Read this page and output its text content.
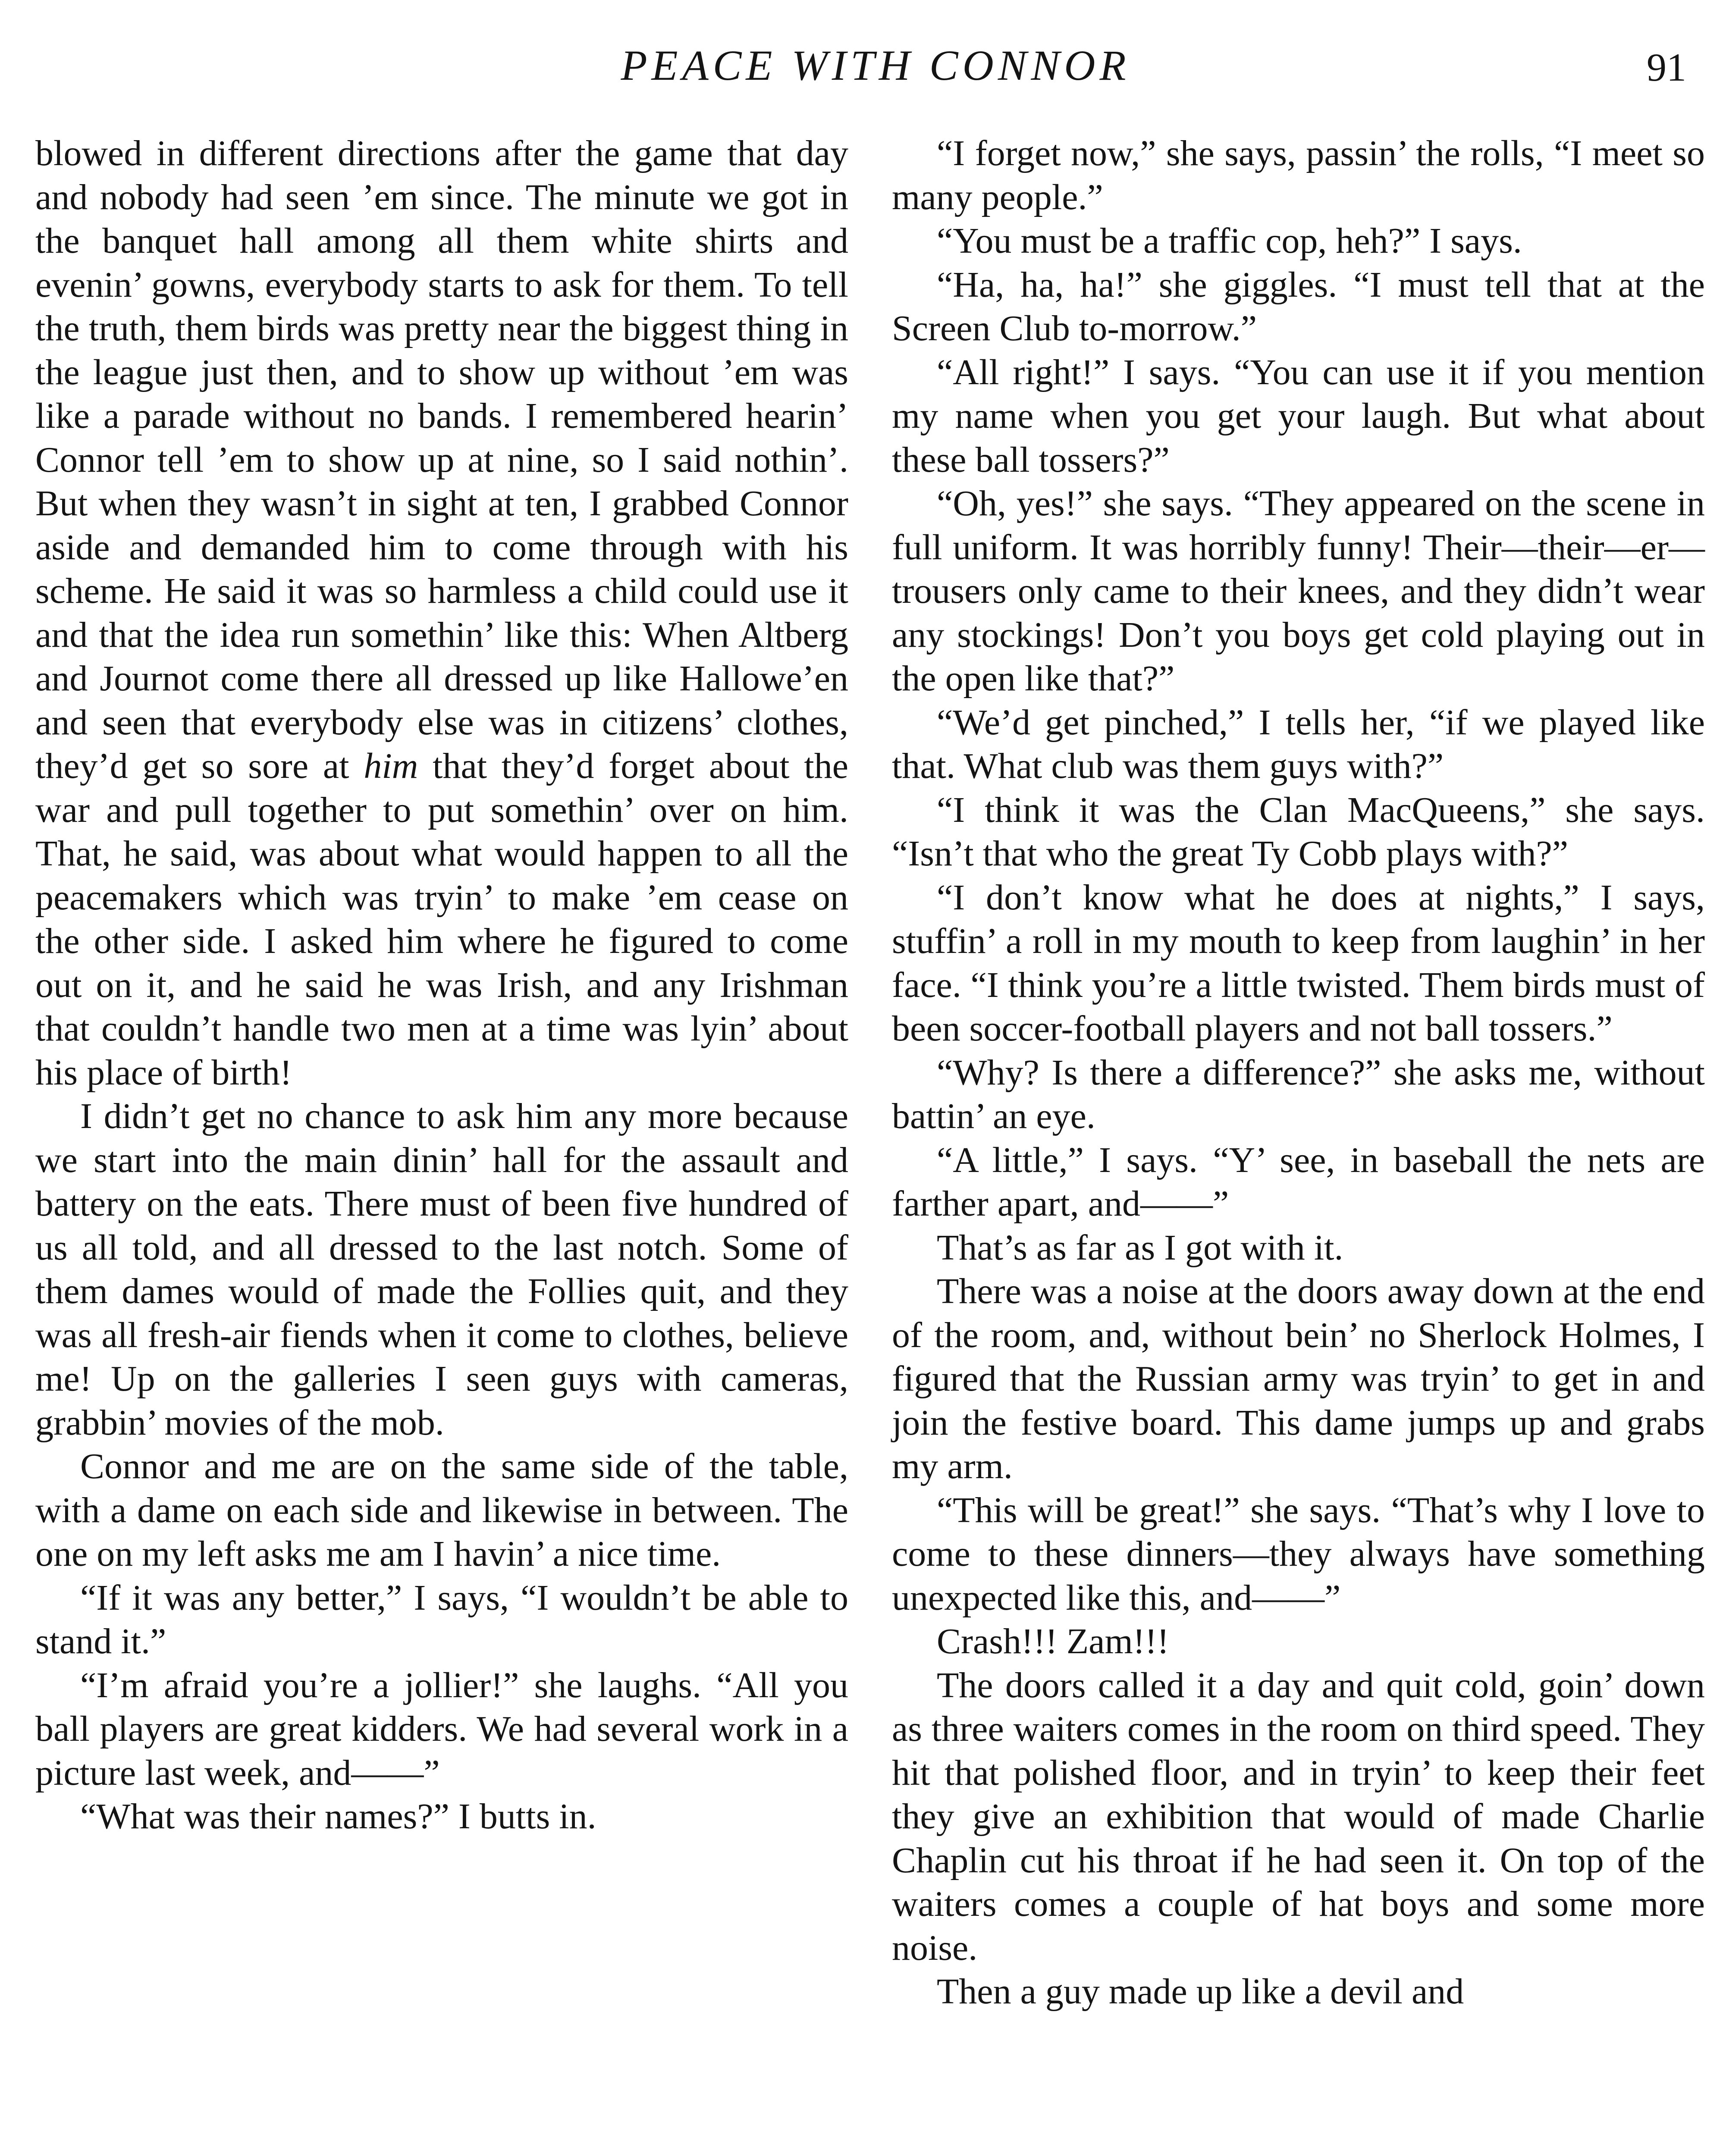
PEACE WITH CONNOR	91

blowed in different directions after the game that day and nobody had seen ’em since. The minute we got in the banquet hall among all them white shirts and evenin’ gowns, everybody starts to ask for them. To tell the truth, them birds was pretty near the biggest thing in the league just then, and to show up without ’em was like a parade without no bands. I remembered hearin’ Connor tell ’em to show up at nine, so I said nothin’. But when they wasn’t in sight at ten, I grabbed Connor aside and demanded him to come through with his scheme. He said it was so harmless a child could use it and that the idea run somethin’ like this: When Altberg and Journot come there all dressed up like Hallowe’en and seen that everybody else was in citizens’ clothes, they’d get so sore at him that they’d forget about the war and pull together to put somethin’ over on him. That, he said, was about what would happen to all the peacemakers which was tryin’ to make ’em cease on the other side. I asked him where he figured to come out on it, and he said he was Irish, and any Irishman that couldn’t handle two men at a time was lyin’ about his place of birth!

I didn’t get no chance to ask him any more because we start into the main dinin’ hall for the assault and battery on the eats. There must of been five hundred of us all told, and all dressed to the last notch. Some of them dames would of made the Follies quit, and they was all fresh-air fiends when it come to clothes, believe me! Up on the galleries I seen guys with cameras, grabbin’ movies of the mob.

Connor and me are on the same side of the table, with a dame on each side and likewise in between. The one on my left asks me am I havin’ a nice time.

“If it was any better,” I says, “I wouldn’t be able to stand it.”

“I’m afraid you’re a jollier!” she laughs. “All you ball players are great kidders. We had several work in a picture last week, and——”

“What was their names?” I butts in.

“I forget now,” she says, passin’ the rolls, “I meet so many people.”

“You must be a traffic cop, heh?” I says.

“Ha, ha, ha!” she giggles. “I must tell that at the Screen Club to-morrow.”

“All right!” I says. “You can use it if you mention my name when you get your laugh. But what about these ball tossers?”

“Oh, yes!” she says. “They appeared on the scene in full uniform. It was horribly funny! Their—their—er—trousers only came to their knees, and they didn’t wear any stockings! Don’t you boys get cold playing out in the open like that?”

“We’d get pinched,” I tells her, “if we played like that. What club was them guys with?”

“I think it was the Clan MacQueens,” she says. “Isn’t that who the great Ty Cobb plays with?”

“I don’t know what he does at nights,” I says, stuffin’ a roll in my mouth to keep from laughin’ in her face. “I think you’re a little twisted. Them birds must of been soccer-football players and not ball tossers.”

“Why? Is there a difference?” she asks me, without battin’ an eye.

“A little,” I says. “Y’ see, in baseball the nets are farther apart, and——”

That’s as far as I got with it.

There was a noise at the doors away down at the end of the room, and, without bein’ no Sherlock Holmes, I figured that the Russian army was tryin’ to get in and join the festive board. This dame jumps up and grabs my arm.

“This will be great!” she says. “That’s why I love to come to these dinners—they always have something unexpected like this, and——”

Crash!!! Zam!!!

The doors called it a day and quit cold, goin’ down as three waiters comes in the room on third speed. They hit that polished floor, and in tryin’ to keep their feet they give an exhibition that would of made Charlie Chaplin cut his throat if he had seen it. On top of the waiters comes a couple of hat boys and some more noise.

Then a guy made up like a devil and
